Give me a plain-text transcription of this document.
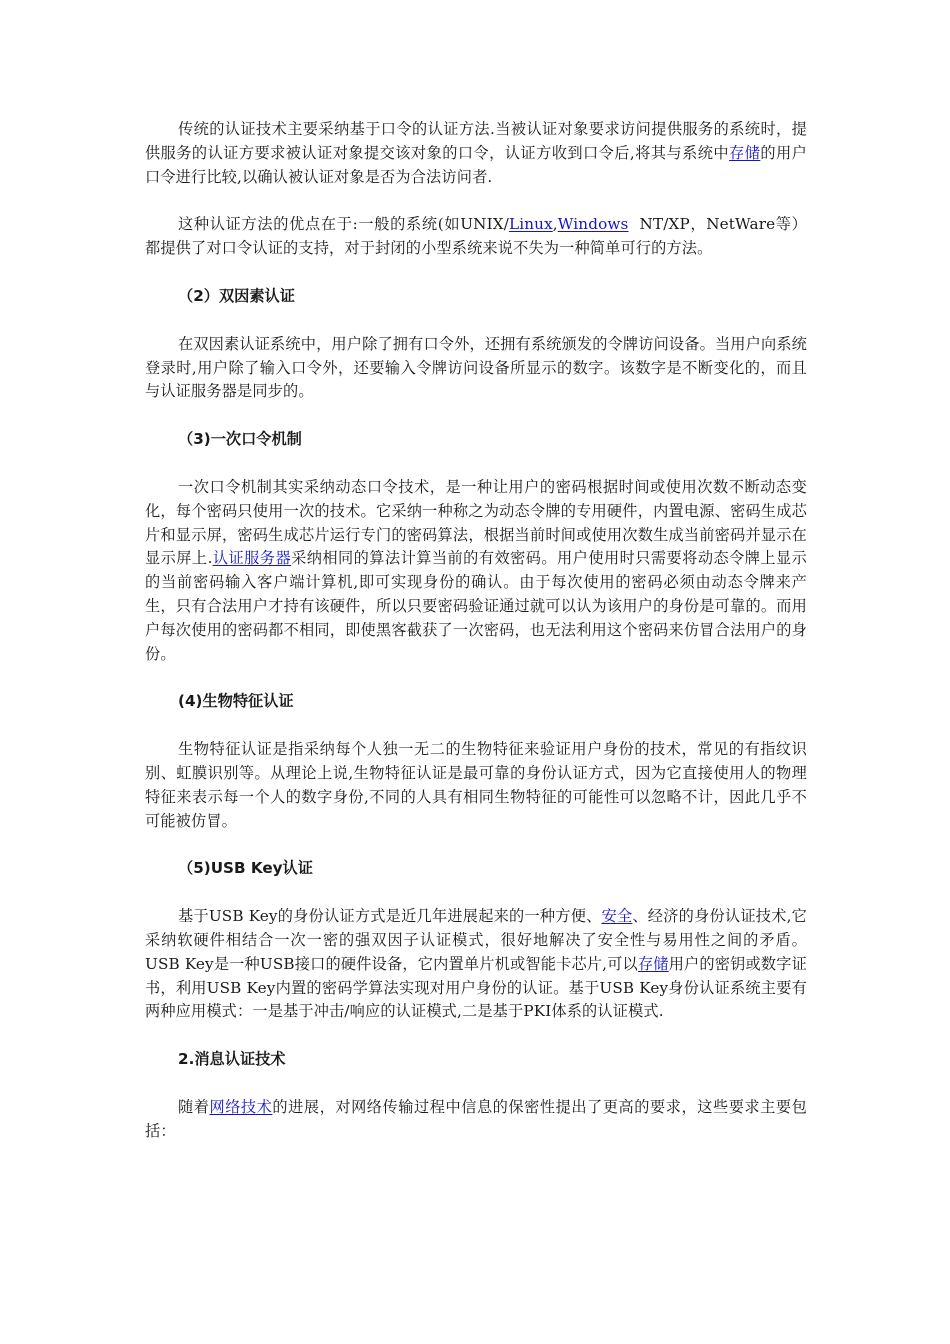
传统的认证技术主要采纳基于口令的认证方法.当被认证对象要求访问提供服务的系统时，提供服务的认证方要求被认证对象提交该对象的口令，认证方收到口令后,将其与系统中存储的用户口令进行比较,以确认被认证对象是否为合法访问者.

这种认证方法的优点在于:一般的系统(如UNIX/Linux,Windows  NT/XP，NetWare等）都提供了对口令认证的支持，对于封闭的小型系统来说不失为一种简单可行的方法。

（2）双因素认证

在双因素认证系统中，用户除了拥有口令外，还拥有系统颁发的令牌访问设备。当用户向系统登录时,用户除了输入口令外，还要输入令牌访问设备所显示的数字。该数字是不断变化的，而且与认证服务器是同步的。

（3)一次口令机制

一次口令机制其实采纳动态口令技术，是一种让用户的密码根据时间或使用次数不断动态变化，每个密码只使用一次的技术。它采纳一种称之为动态令牌的专用硬件，内置电源、密码生成芯片和显示屏，密码生成芯片运行专门的密码算法，根据当前时间或使用次数生成当前密码并显示在显示屏上.认证服务器采纳相同的算法计算当前的有效密码。用户使用时只需要将动态令牌上显示的当前密码输入客户端计算机,即可实现身份的确认。由于每次使用的密码必须由动态令牌来产生，只有合法用户才持有该硬件，所以只要密码验证通过就可以认为该用户的身份是可靠的。而用户每次使用的密码都不相同，即使黑客截获了一次密码，也无法利用这个密码来仿冒合法用户的身份。

(4)生物特征认证

生物特征认证是指采纳每个人独一无二的生物特征来验证用户身份的技术，常见的有指纹识别、虹膜识别等。从理论上说,生物特征认证是最可靠的身份认证方式，因为它直接使用人的物理特征来表示每一个人的数字身份,不同的人具有相同生物特征的可能性可以忽略不计，因此几乎不可能被仿冒。

（5)USB Key认证

基于USB Key的身份认证方式是近几年进展起来的一种方便、安全、经济的身份认证技术,它采纳软硬件相结合一次一密的强双因子认证模式，很好地解决了安全性与易用性之间的矛盾。USB Key是一种USB接口的硬件设备，它内置单片机或智能卡芯片,可以存储用户的密钥或数字证书，利用USB Key内置的密码学算法实现对用户身份的认证。基于USB Key身份认证系统主要有两种应用模式：一是基于冲击/响应的认证模式,二是基于PKI体系的认证模式.

2.消息认证技术

随着网络技术的进展，对网络传输过程中信息的保密性提出了更高的要求，这些要求主要包括：
